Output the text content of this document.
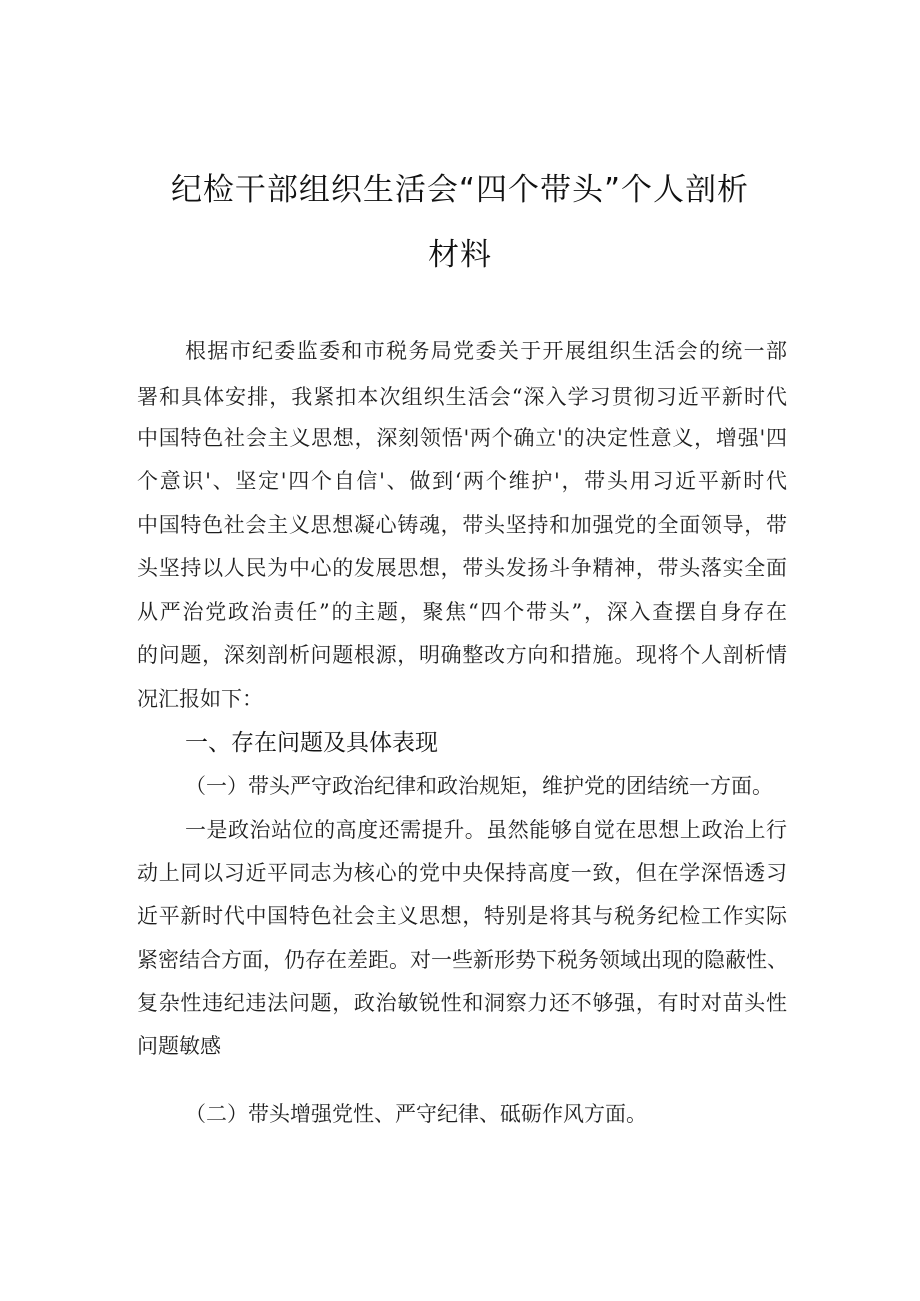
纪检干部组织生活会“四个带头”个人剖析
材料
根据市纪委监委和市税务局党委关于开展组织生活会的统一部
署和具体安排，我紧扣本次组织生活会“深入学习贯彻习近平新时代
中国特色社会主义思想，深刻领悟'两个确立'的决定性意义，增强'四
个意识'、坚定'四个自信'、做到‘两个维护'，带头用习近平新时代
中国特色社会主义思想凝心铸魂，带头坚持和加强党的全面领导，带
头坚持以人民为中心的发展思想，带头发扬斗争精神，带头落实全面
从严治党政治责任”的主题，聚焦“四个带头”，深入查摆自身存在
的问题，深刻剖析问题根源，明确整改方向和措施。现将个人剖析情
况汇报如下：
一、存在问题及具体表现
（一）带头严守政治纪律和政治规矩，维护党的团结统一方面。
一是政治站位的高度还需提升。虽然能够自觉在思想上政治上行
动上同以习近平同志为核心的党中央保持高度一致，但在学深悟透习
近平新时代中国特色社会主义思想，特别是将其与税务纪检工作实际
紧密结合方面，仍存在差距。对一些新形势下税务领域出现的隐蔽性、
复杂性违纪违法问题，政治敏锐性和洞察力还不够强，有时对苗头性
问题敏感
（二）带头增强党性、严守纪律、砥砺作风方面。
